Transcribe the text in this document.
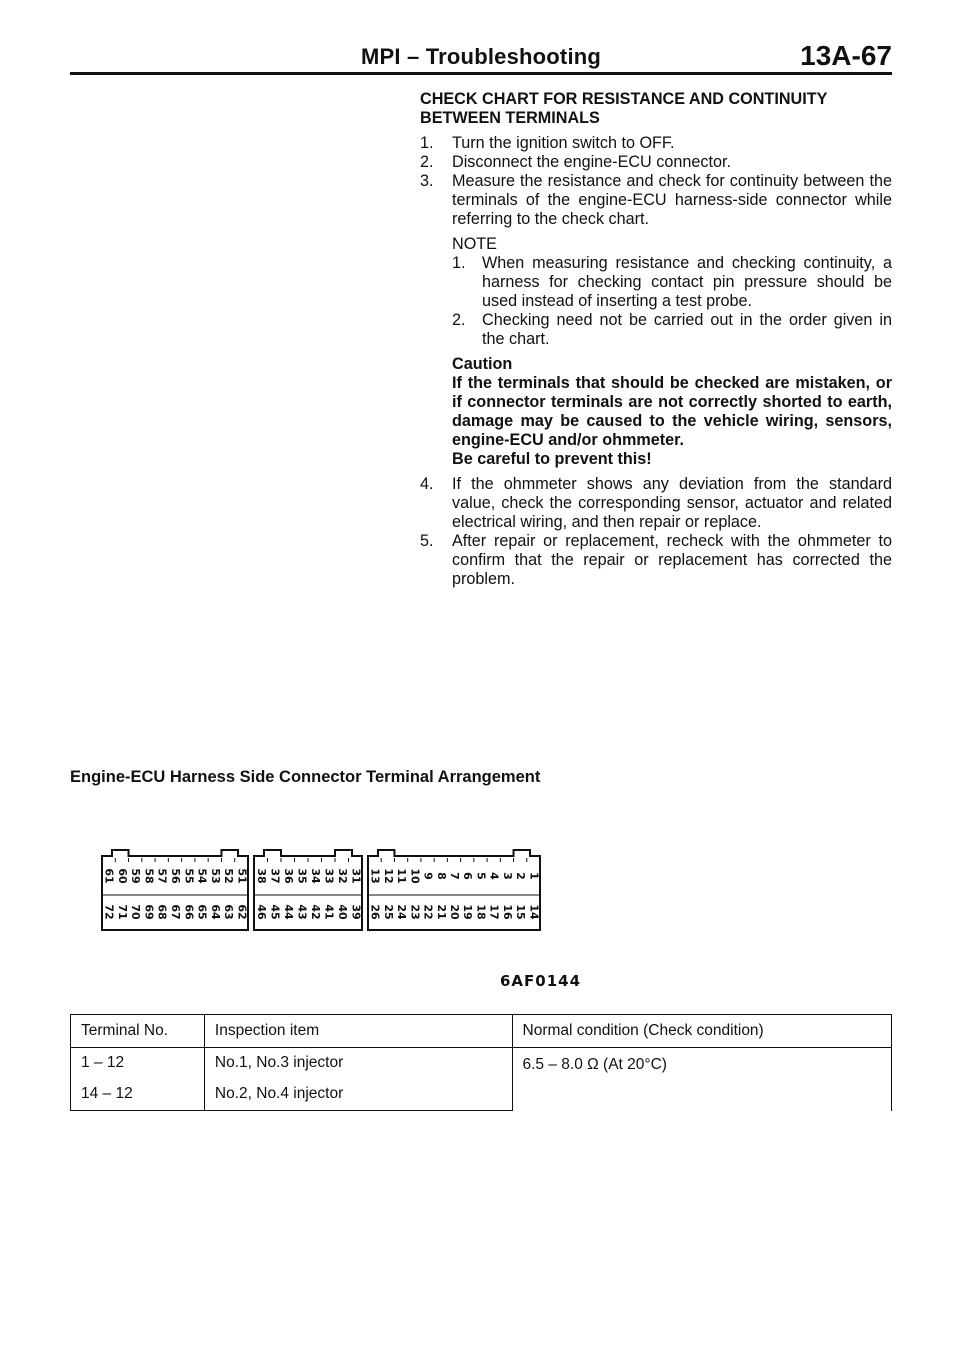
MPI – Troubleshooting	13A-67

CHECK CHART FOR RESISTANCE AND CONTINUITY BETWEEN TERMINALS

1. Turn the ignition switch to OFF.
2. Disconnect the engine-ECU connector.
3. Measure the resistance and check for continuity between the terminals of the engine-ECU harness-side connector while referring to the check chart.

NOTE

1. When measuring resistance and checking continuity, a harness for checking contact pin pressure should be used instead of inserting a test probe.
2. Checking need not be carried out in the order given in the chart.

Caution

If the terminals that should be checked are mistaken, or if connector terminals are not correctly shorted to earth, damage may be caused to the vehicle wiring, sensors, engine-ECU and/or ohmmeter.

Be careful to prevent this!

4. If the ohmmeter shows any deviation from the standard value, check the corresponding sensor, actuator and related electrical wiring, and then repair or replace.
5. After repair or replacement, recheck with the ohmmeter to confirm that the repair or replacement has corrected the problem.
Engine-ECU Harness Side Connector Terminal Arrangement
61 60 59 58 57 56 55 54 53 52 51
72 71 70 69 68 67 66 65 64 63 62
38 37 36 35 34 33 32 31
46 45 44 43 42 41 40 39
13 12 11 10 9 8 7 6 5 4 3 2 1
26 25 24 23 22 21 20 19 18 17 16 15 14
6AF0144
Terminal No.	Inspection item	Normal condition (Check condition)
1 – 12	No.1, No.3 injector	6.5 – 8.0 Ω (At 20°C)
14 – 12	No.2, No.4 injector	
